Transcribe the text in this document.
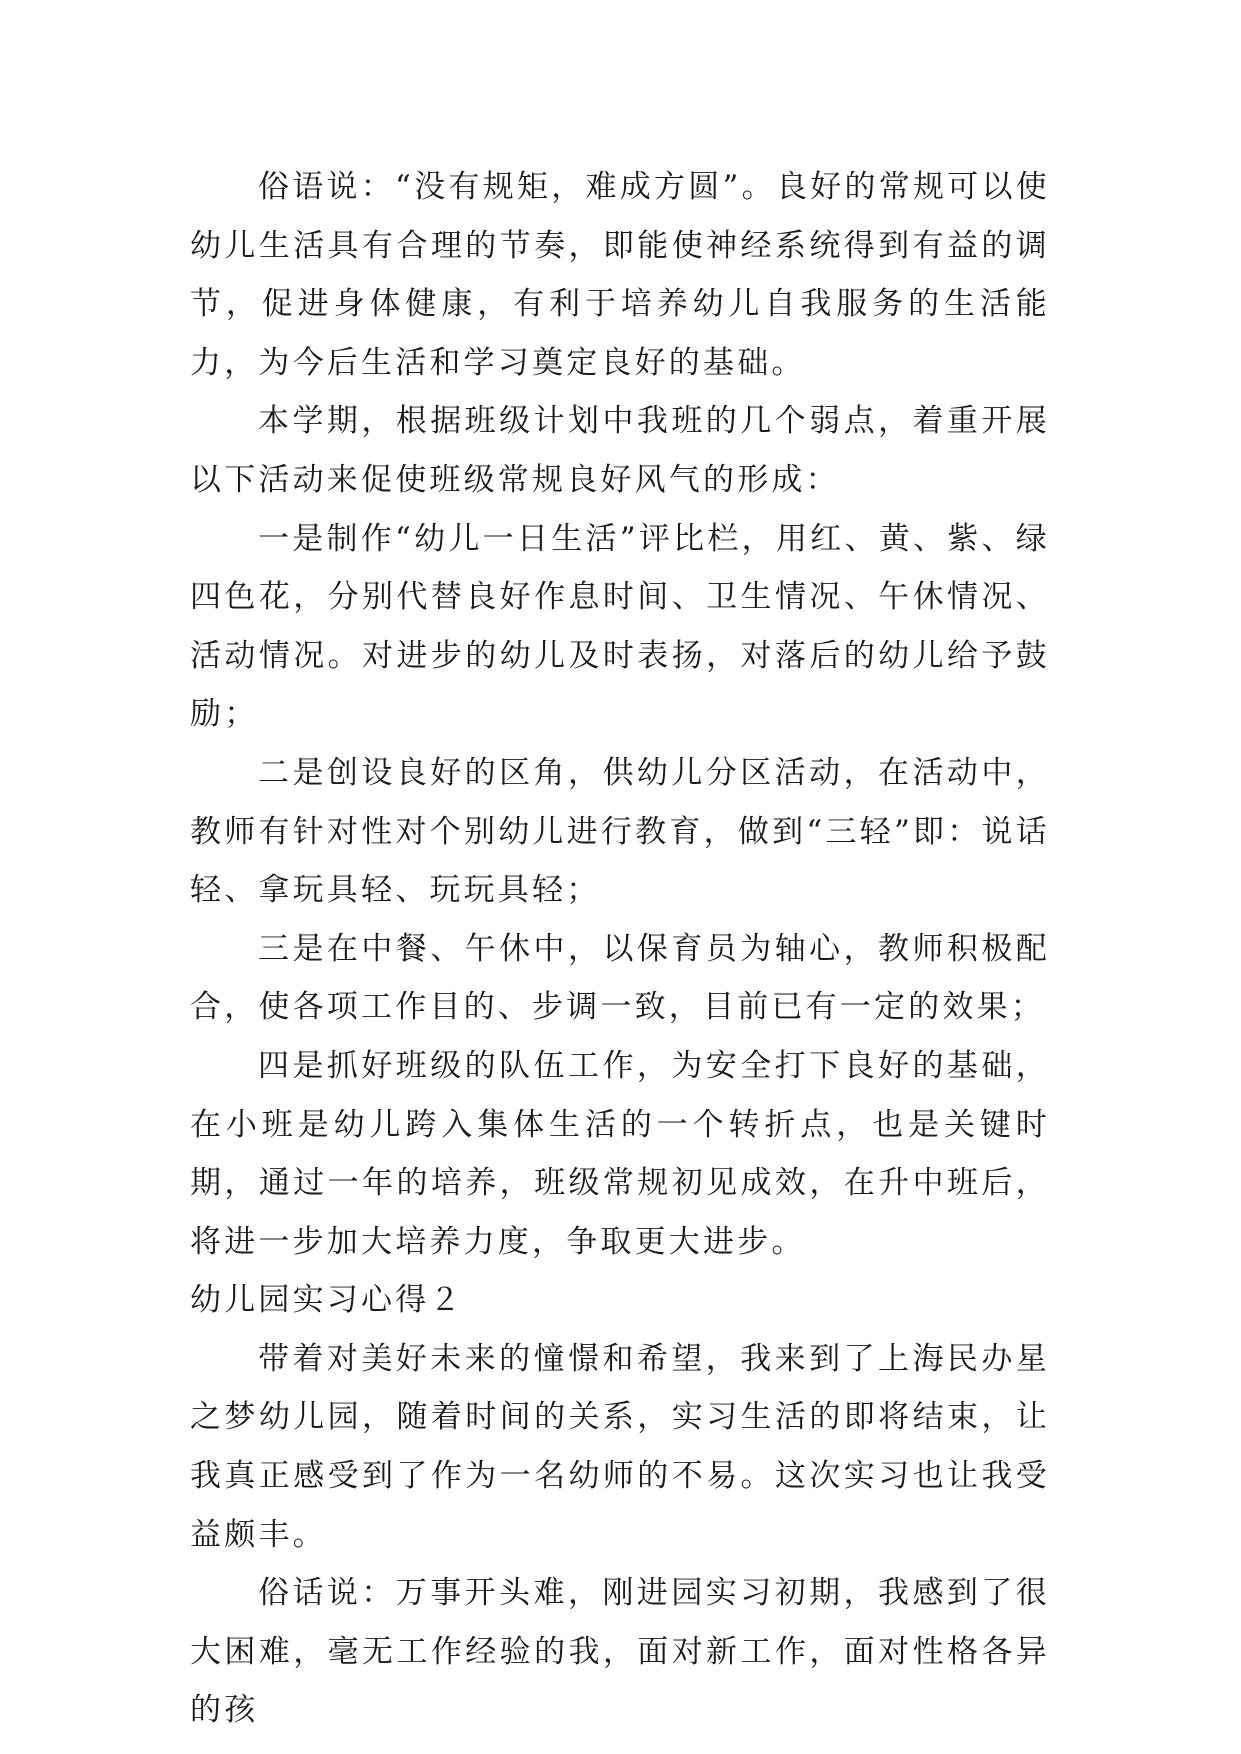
俗语说：“没有规矩，难成方圆”。良好的常规可以使幼儿生活具有合理的节奏，即能使神经系统得到有益的调节，促进身体健康，有利于培养幼儿自我服务的生活能力，为今后生活和学习奠定良好的基础。

本学期，根据班级计划中我班的几个弱点，着重开展以下活动来促使班级常规良好风气的形成：

一是制作“幼儿一日生活”评比栏，用红、黄、紫、绿四色花，分别代替良好作息时间、卫生情况、午休情况、活动情况。对进步的幼儿及时表扬，对落后的幼儿给予鼓励；

二是创设良好的区角，供幼儿分区活动，在活动中，教师有针对性对个别幼儿进行教育，做到“三轻”即：说话轻、拿玩具轻、玩玩具轻；

三是在中餐、午休中，以保育员为轴心，教师积极配合，使各项工作目的、步调一致，目前已有一定的效果；

四是抓好班级的队伍工作，为安全打下良好的基础，在小班是幼儿跨入集体生活的一个转折点，也是关键时期，通过一年的培养，班级常规初见成效，在升中班后，将进一步加大培养力度，争取更大进步。

幼儿园实习心得２

带着对美好未来的憧憬和希望，我来到了上海民办星之梦幼儿园，随着时间的关系，实习生活的即将结束，让我真正感受到了作为一名幼师的不易。这次实习也让我受益颇丰。

俗话说：万事开头难，刚进园实习初期，我感到了很大困难，毫无工作经验的我，面对新工作，面对性格各异的孩
